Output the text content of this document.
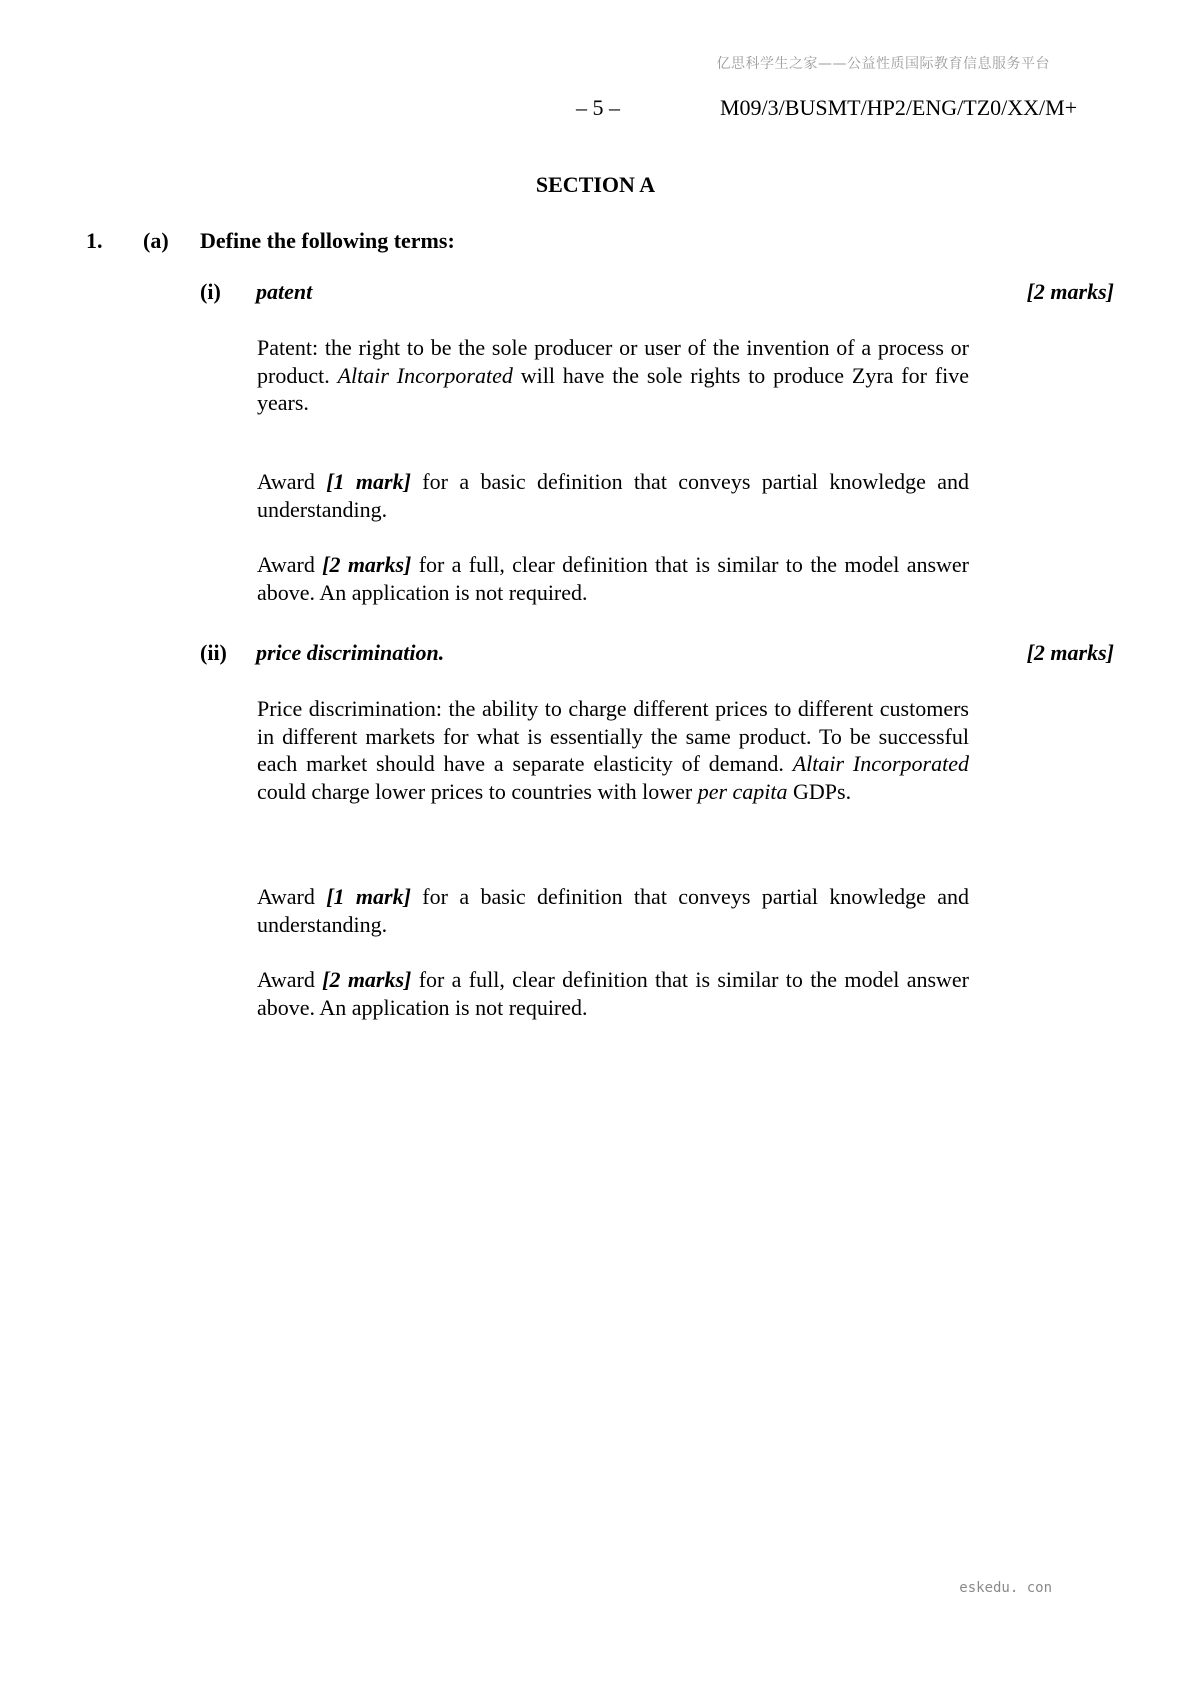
亿思科学生之家——公益性质国际教育信息服务平台
– 5 –	M09/3/BUSMT/HP2/ENG/TZ0/XX/M+
SECTION A
1. (a) Define the following terms:
(i) patent	[2 marks]
Patent: the right to be the sole producer or user of the invention of a process or product. Altair Incorporated will have the sole rights to produce Zyra for five years.
Award [1 mark] for a basic definition that conveys partial knowledge and understanding.
Award [2 marks] for a full, clear definition that is similar to the model answer above. An application is not required.
(ii) price discrimination.	[2 marks]
Price discrimination: the ability to charge different prices to different customers in different markets for what is essentially the same product. To be successful each market should have a separate elasticity of demand. Altair Incorporated could charge lower prices to countries with lower per capita GDPs.
Award [1 mark] for a basic definition that conveys partial knowledge and understanding.
Award [2 marks] for a full, clear definition that is similar to the model answer above. An application is not required.
eskedu. con
